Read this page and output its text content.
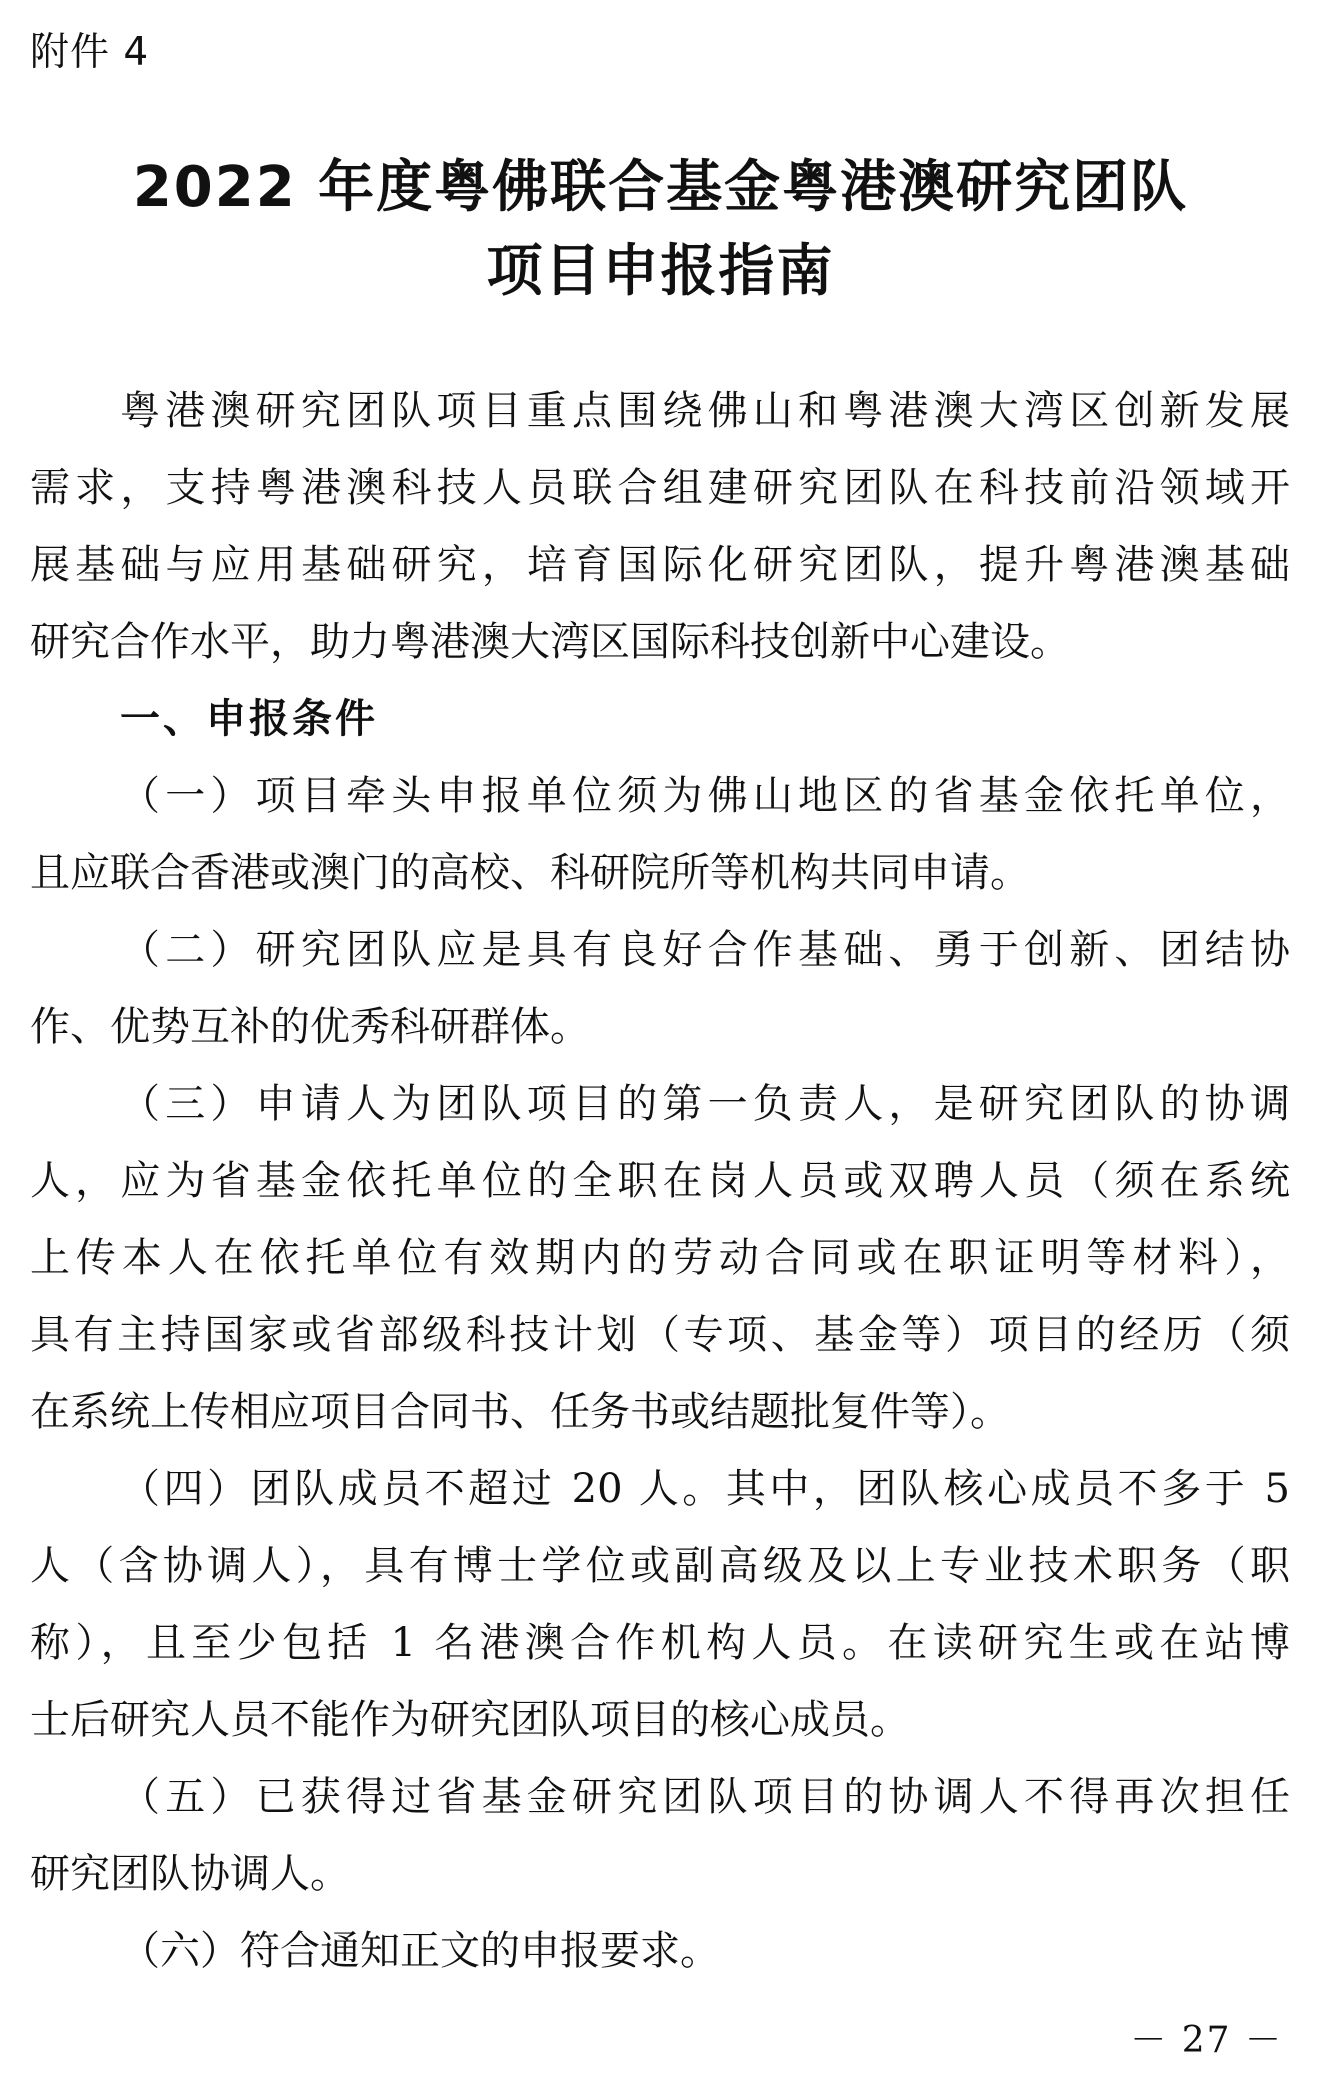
附件 4
2022 年度粤佛联合基金粤港澳研究团队
项目申报指南
粤港澳研究团队项目重点围绕佛山和粤港澳大湾区创新发展
需求，支持粤港澳科技人员联合组建研究团队在科技前沿领域开
展基础与应用基础研究，培育国际化研究团队，提升粤港澳基础
研究合作水平，助力粤港澳大湾区国际科技创新中心建设。
一、申报条件
（一）项目牵头申报单位须为佛山地区的省基金依托单位，
且应联合香港或澳门的高校、科研院所等机构共同申请。
（二）研究团队应是具有良好合作基础、勇于创新、团结协
作、优势互补的优秀科研群体。
（三）申请人为团队项目的第一负责人，是研究团队的协调
人，应为省基金依托单位的全职在岗人员或双聘人员（须在系统
上传本人在依托单位有效期内的劳动合同或在职证明等材料），
具有主持国家或省部级科技计划（专项、基金等）项目的经历（须
在系统上传相应项目合同书、任务书或结题批复件等）。
（四）团队成员不超过 20 人。其中，团队核心成员不多于 5
人（含协调人），具有博士学位或副高级及以上专业技术职务（职
称），且至少包括 1 名港澳合作机构人员。在读研究生或在站博
士后研究人员不能作为研究团队项目的核心成员。
（五）已获得过省基金研究团队项目的协调人不得再次担任
研究团队协调人。
（六）符合通知正文的申报要求。
－ 27 －
